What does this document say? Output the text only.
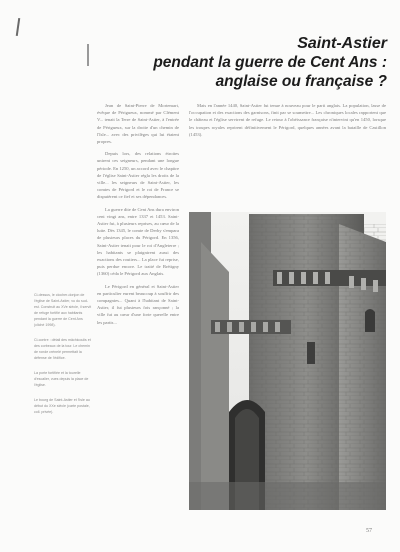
Saint-Astier
pendant la guerre de Cent Ans :
anglaise ou française ?

Jean de Saint-Pierre de Mortemart, évêque de Périgueux, nommé par Clément V... tenait la Terre de Saint-Astier, à l'entrée de Périgueux, sur la droite d'un chemin de l'Isle... avec des privilèges qui lui étaient propres.

Depuis lors, des relations étroites unirent ces seigneurs, pendant une longue période. En 1250, un accord avec le chapitre de l'église Saint-Astier régla les droits de la ville... les seigneurs de Saint-Astier, les comtes de Périgord et le roi de France se disputèrent ce fief et ses dépendances.

La guerre dite de Cent Ans dura environ cent vingt ans, entre 1337 et 1453. Saint-Astier fut, à plusieurs reprises, au cœur de la lutte. Dès 1345, le comte de Derby s'empara de plusieurs places du Périgord. En 1356, Saint-Astier tenait pour le roi d'Angleterre ; les habitants se plaignirent aussi des exactions des routiers... La place fut reprise, puis perdue encore. Le traité de Brétigny (1360) céda le Périgord aux Anglais.

Le Périgord en général et Saint-Astier en particulier eurent beaucoup à souffrir des compagnies... Quant à l'habitant de Saint-Astier, il fut plusieurs fois rançonné ; la ville fut au cœur d'une forte querelle entre les partis...

Mais en l'année 1440, Saint-Astier fut tenue à nouveau pour le parti anglais. La population, lasse de l'occupation et des exactions des garnisons, finit par se soumettre... Les chroniques locales rapportent que le château et l'église servirent de refuge. Le retour à l'obéissance française n'intervint qu'en 1450, lorsque les troupes royales reprirent définitivement le Périgord, quelques années avant la bataille de Castillon (1453).

Ci-dessus, le clocher-donjon de l'église de Saint-Astier, vu du sud-est. Construit au XVe siècle, il servit de refuge fortifié aux habitants pendant la guerre de Cent Ans (cliché 1998).

Ci-contre : détail des mâchicoulis et des corbeaux de la tour. Le chemin de ronde crénelé permettait la défense de l'édifice.

La porte fortifiée et la tourelle d'escalier, vues depuis la place de l'église.

Le bourg de Saint-Astier et l'Isle au début du XXe siècle (carte postale, coll. privée).

57
